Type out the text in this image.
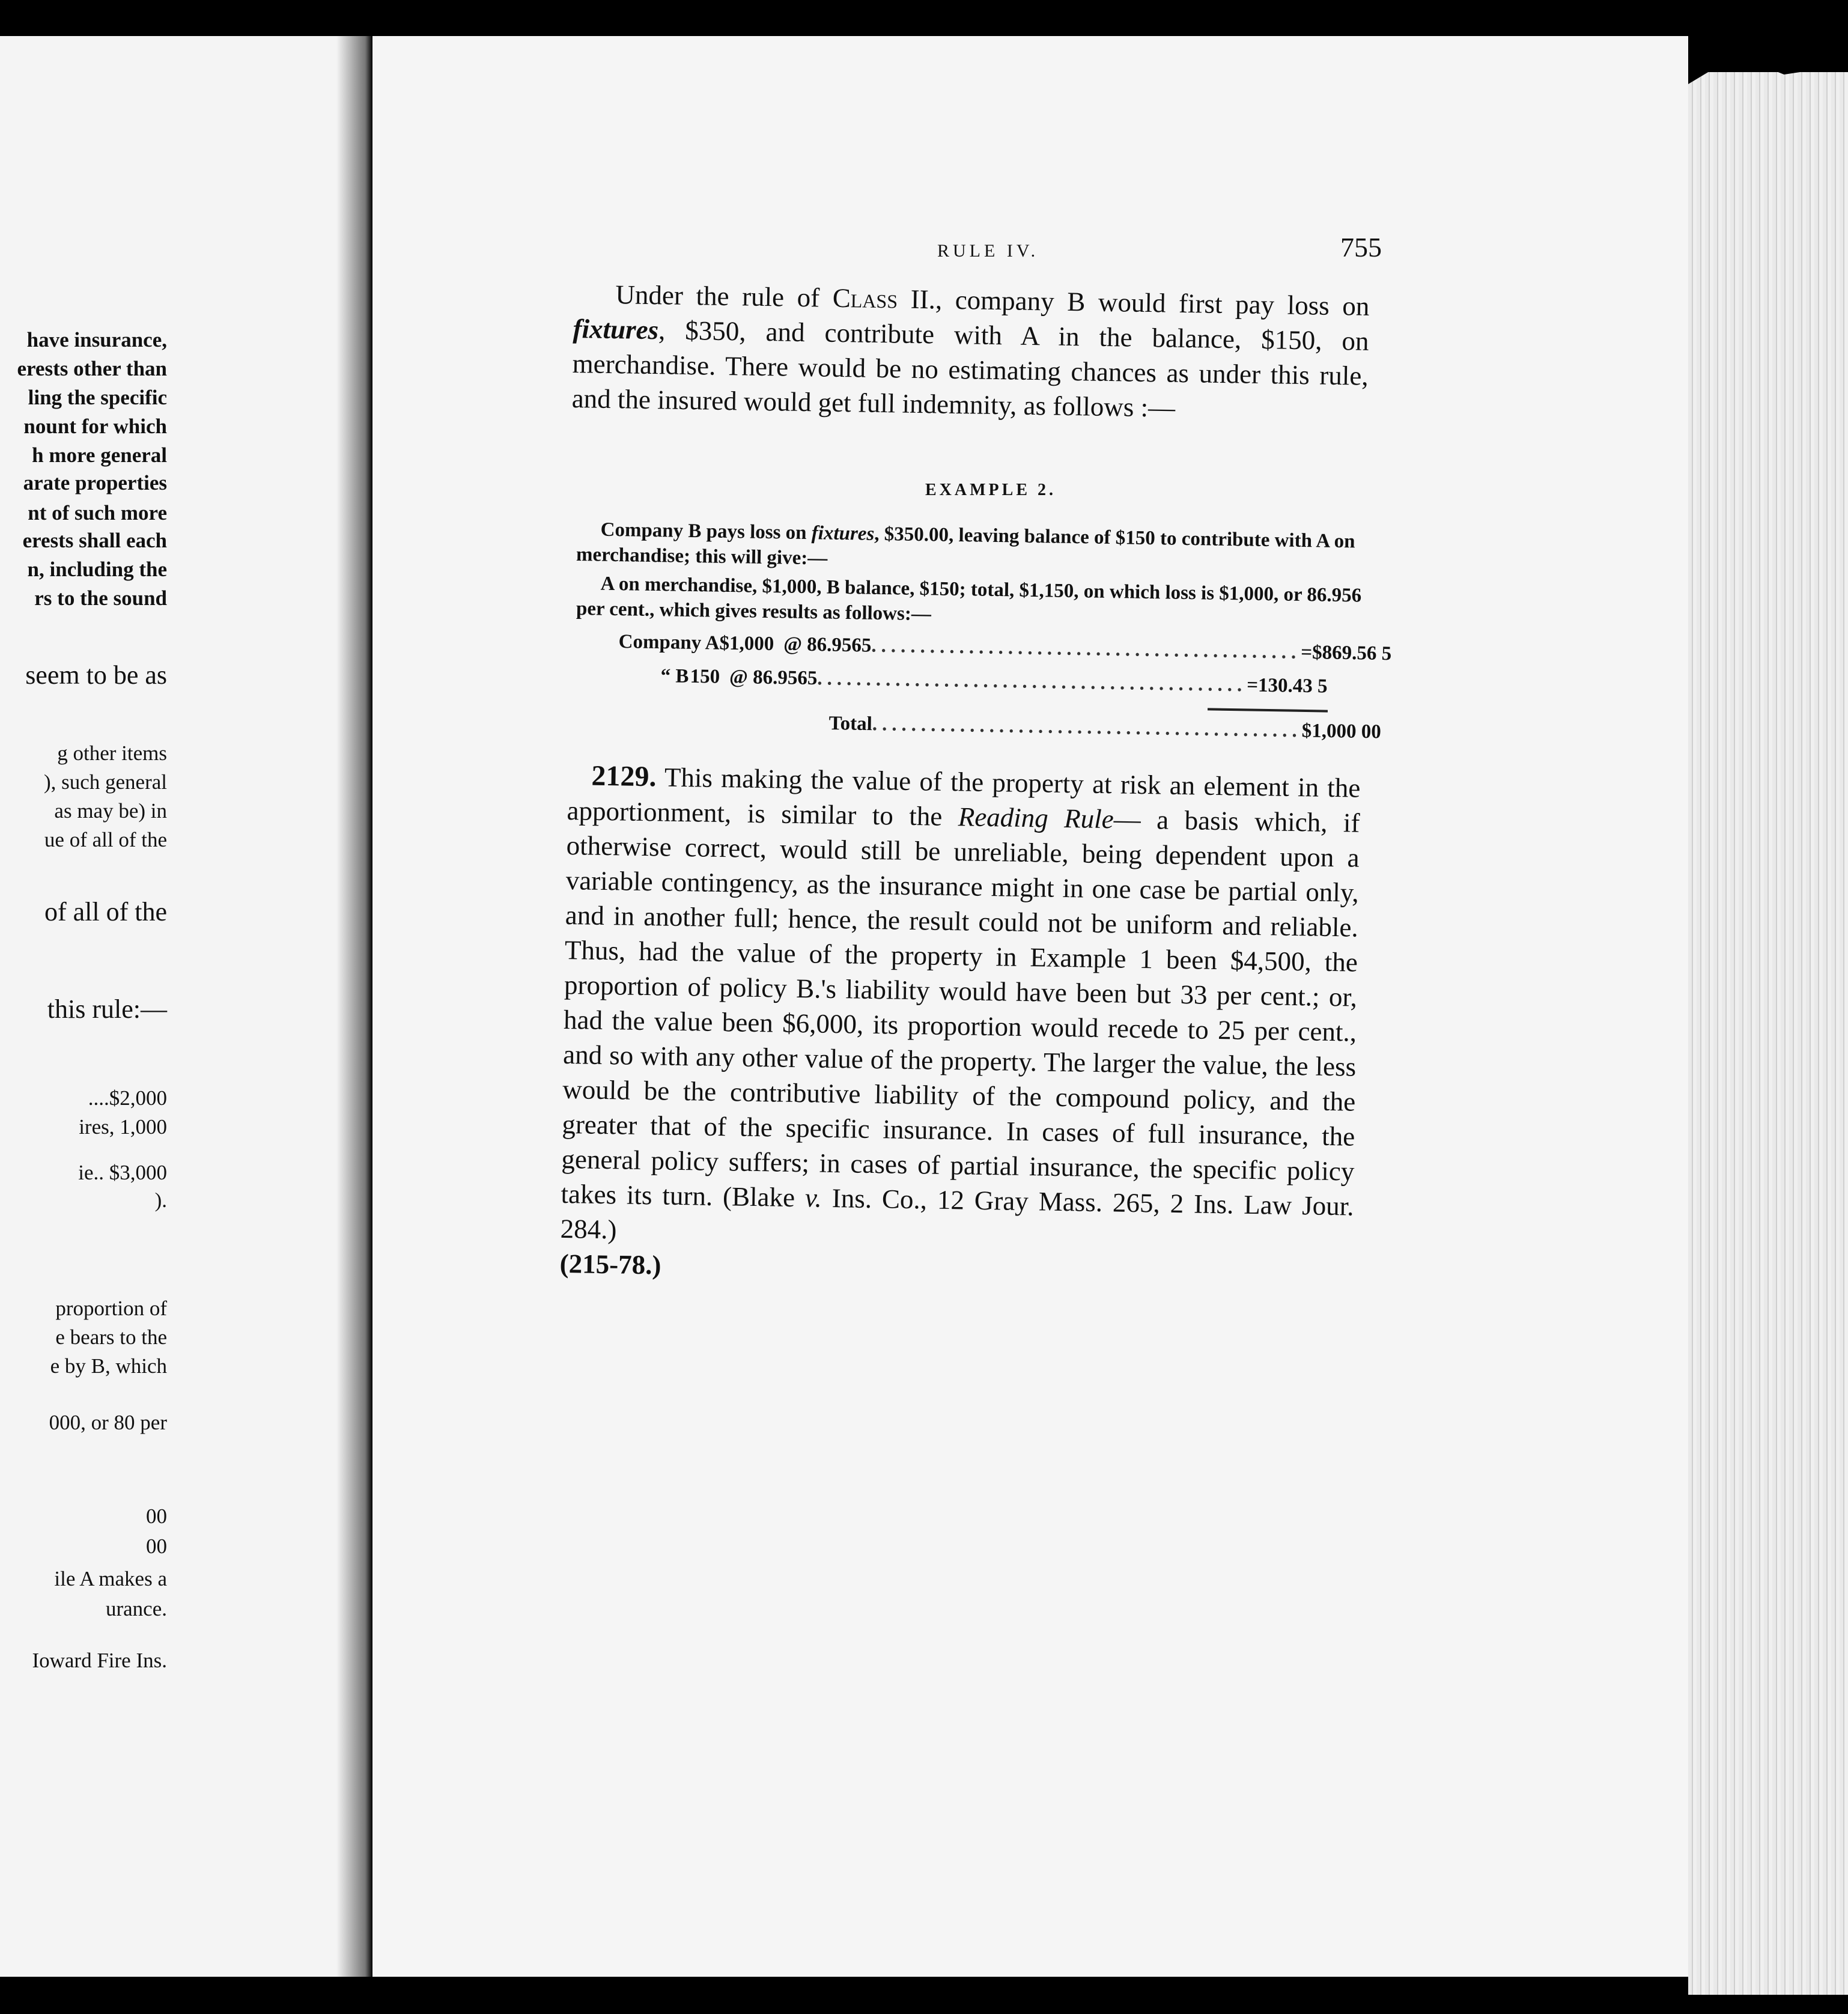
have insurance,
erests other than
ling the specific
nount for which
h more general
arate properties
nt of such more
erests shall each
n, including the
rs to the sound
seem to be as
g other items
), such general
as may be) in
ue of all of the
of all of the
this rule:—
....$2,000
ires, 1,000
ie.. $3,000
).
proportion of
e bears to the
e by B, which
000, or 80 per
00
00
ile A makes a
urance.
Ioward Fire Ins.
RULE IV.	755
Under the rule of Class II., company B would first pay loss on fixtures, $350, and contribute with A in the balance, $150, on merchandise. There would be no estimating chances as under this rule, and the insured would get full indemnity, as follows :—
EXAMPLE 2.
Company B pays loss on fixtures, $350.00, leaving balance of $150 to contribute with A on merchandise; this will give:—
A on merchandise, $1,000, B balance, $150; total, $1,150, on which loss is $1,000, or 86.956 per cent., which gives results as follows:—
Company A $1,000 @ 86.9565 ............................................ = $869.56 5
“ B 150 @ 86.9565 ............................................ = 130.43 5
Total ............................................ $1,000 00
2129. This making the value of the property at risk an element in the apportionment, is similar to the Reading Rule— a basis which, if otherwise correct, would still be unreliable, being dependent upon a variable contingency, as the insurance might in one case be partial only, and in another full; hence, the result could not be uniform and reliable. Thus, had the value of the property in Example 1 been $4,500, the proportion of policy B.'s liability would have been but 33 per cent.; or, had the value been $6,000, its proportion would recede to 25 per cent., and so with any other value of the property. The larger the value, the less would be the contributive liability of the compound policy, and the greater that of the specific insurance. In cases of full insurance, the general policy suffers; in cases of partial insurance, the specific policy takes its turn. (Blake v. Ins. Co., 12 Gray Mass. 265, 2 Ins. Law Jour. 284.)
(215-78.)
